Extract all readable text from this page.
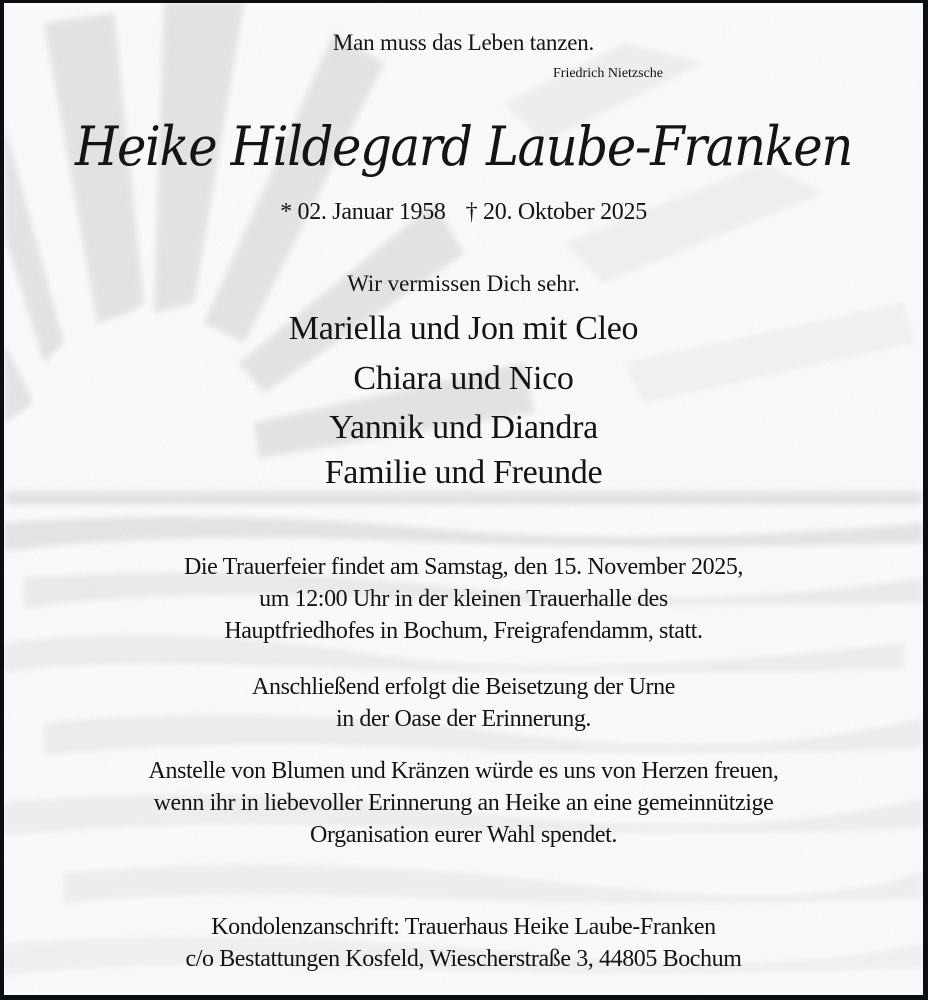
Man muss das Leben tanzen.
Friedrich Nietzsche
Heike Hildegard Laube-Franken
* 02. Januar 1958 † 20. Oktober 2025
Wir vermissen Dich sehr.
Mariella und Jon mit Cleo
Chiara und Nico
Yannik und Diandra
Familie und Freunde
Die Trauerfeier findet am Samstag, den 15. November 2025,
um 12:00 Uhr in der kleinen Trauerhalle des
Hauptfriedhofes in Bochum, Freigrafendamm, statt.
Anschließend erfolgt die Beisetzung der Urne
in der Oase der Erinnerung.
Anstelle von Blumen und Kränzen würde es uns von Herzen freuen,
wenn ihr in liebevoller Erinnerung an Heike an eine gemeinnützige
Organisation eurer Wahl spendet.
Kondolenzanschrift: Trauerhaus Heike Laube-Franken
c/o Bestattungen Kosfeld, Wiescherstraße 3, 44805 Bochum
